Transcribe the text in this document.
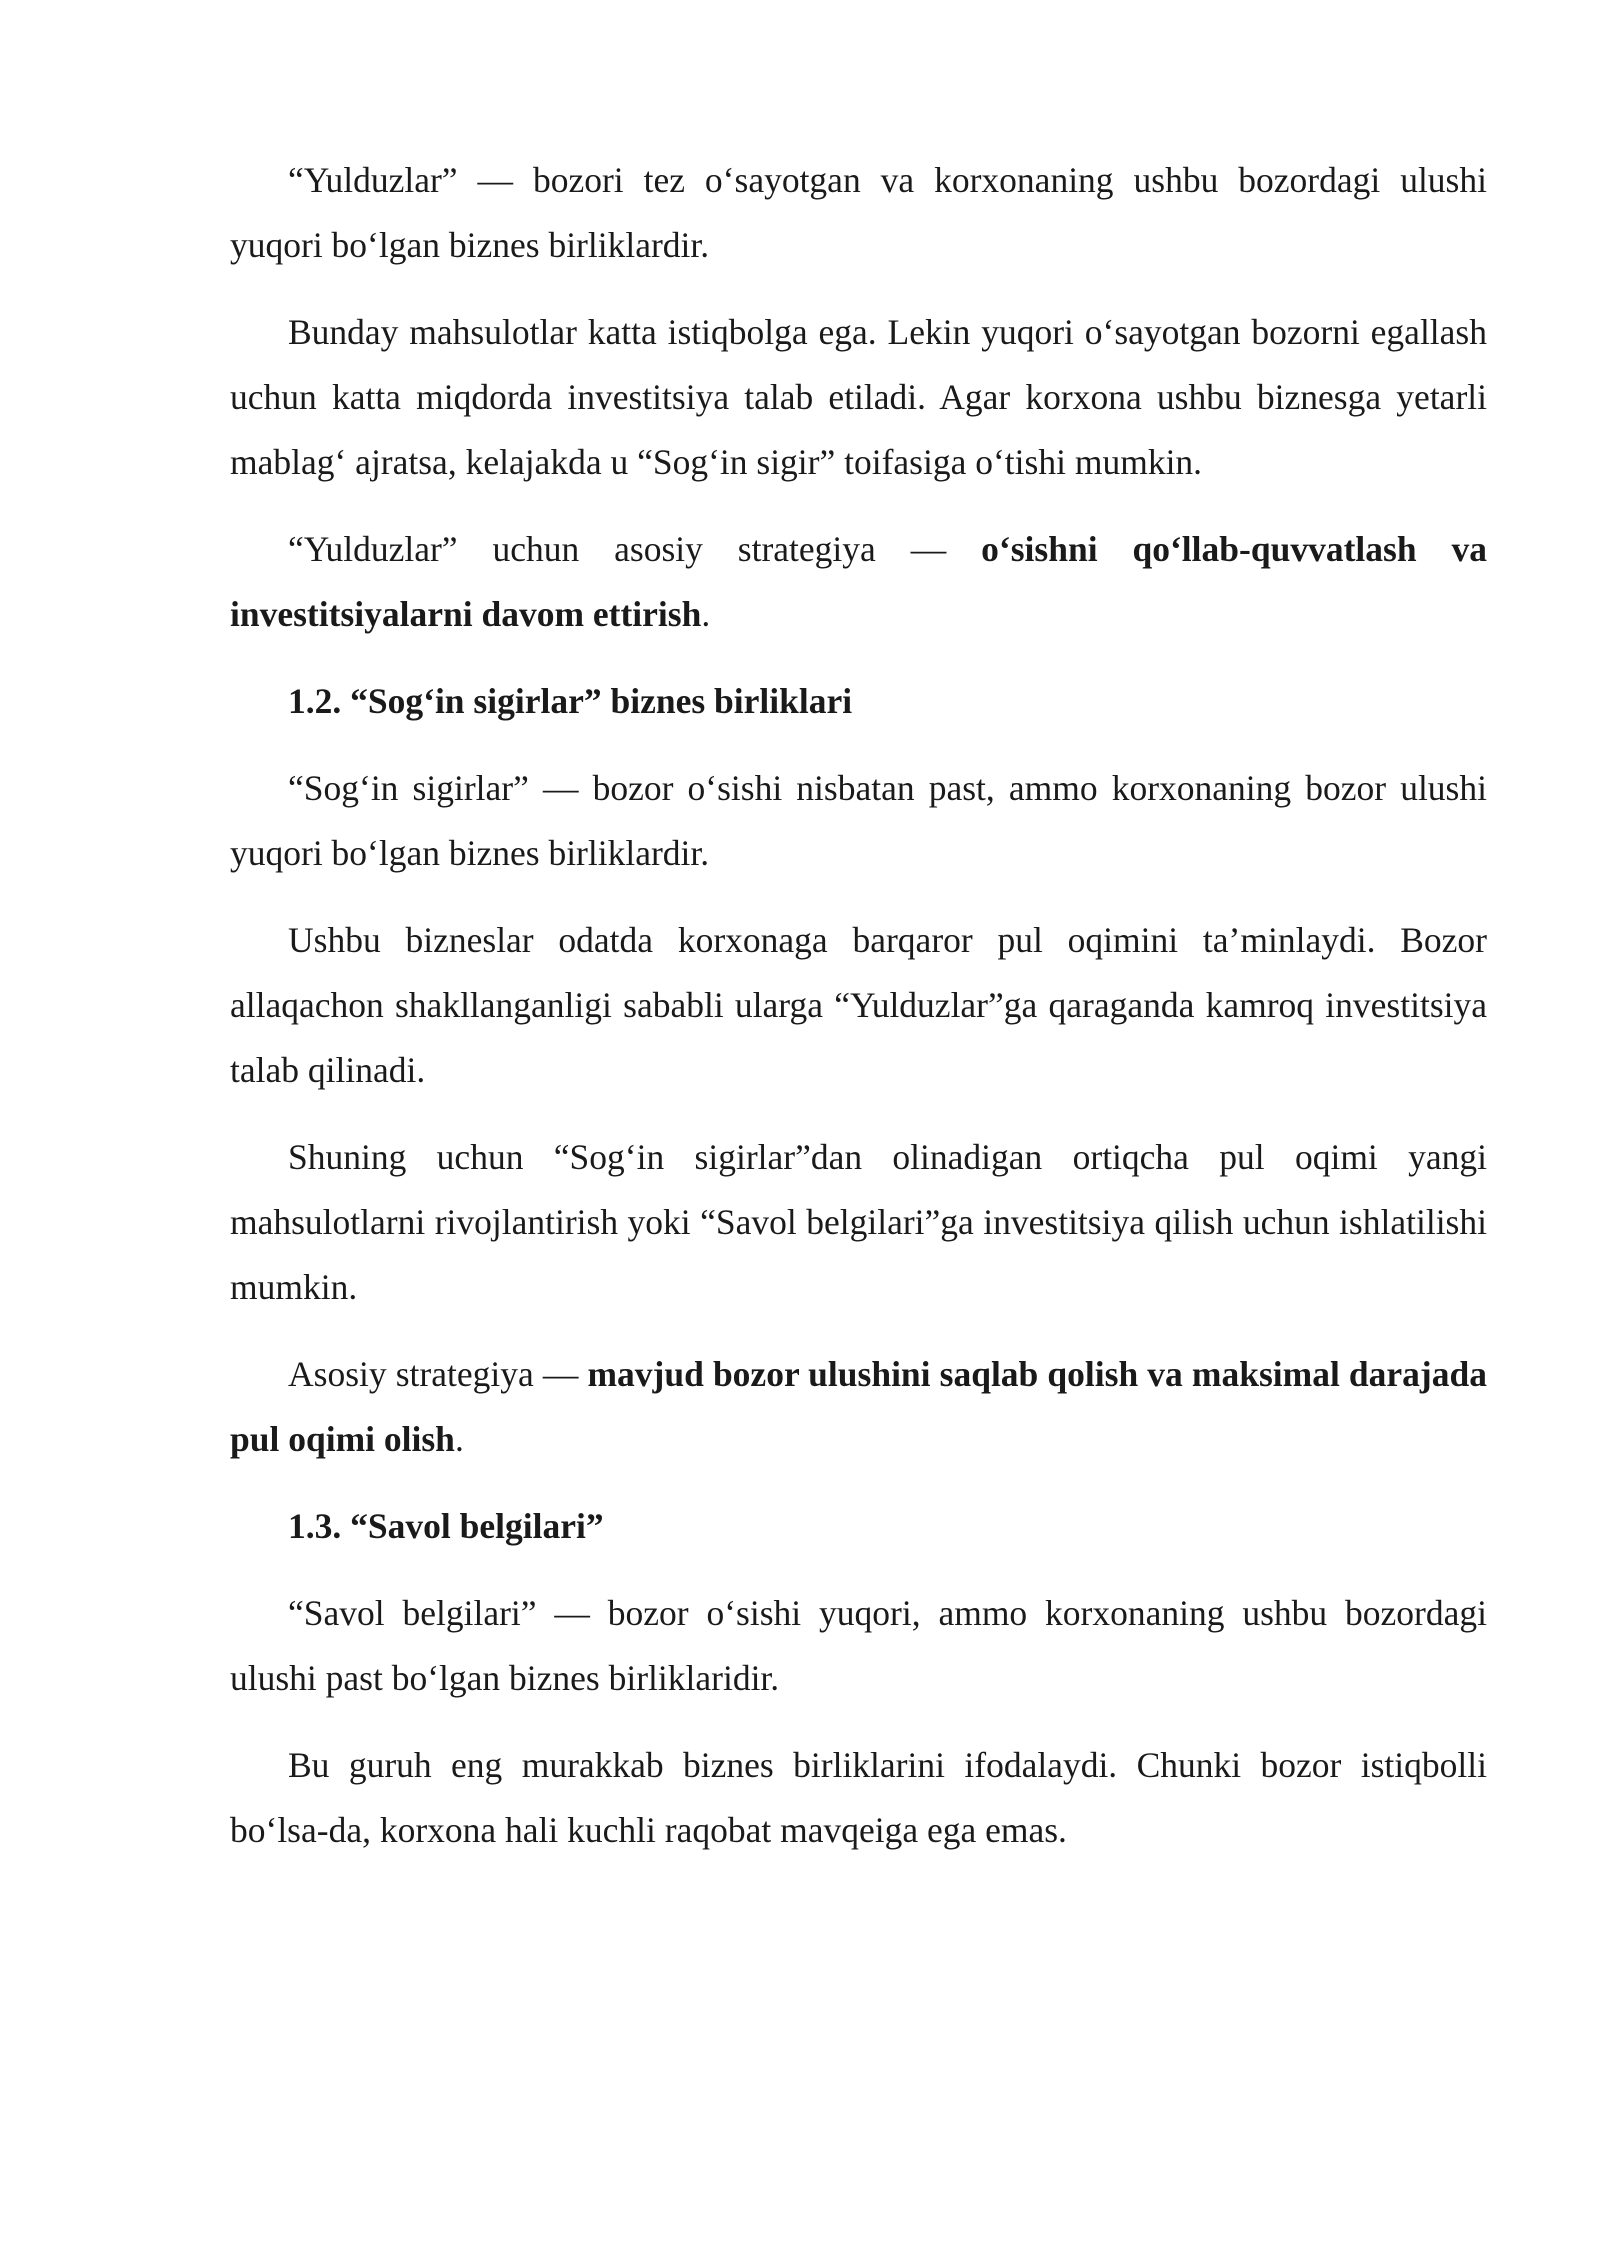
“Yulduzlar” — bozori tez o‘sayotgan va korxonaning ushbu bozordagi ulushi yuqori bo‘lgan biznes birliklardir.

Bunday mahsulotlar katta istiqbolga ega. Lekin yuqori o‘sayotgan bozorni egallash uchun katta miqdorda investitsiya talab etiladi. Agar korxona ushbu biznesga yetarli mablag‘ ajratsa, kelajakda u “Sog‘in sigir” toifasiga o‘tishi mumkin.

“Yulduzlar” uchun asosiy strategiya — o‘sishni qo‘llab-quvvatlash va investitsiyalarni davom ettirish.

1.2. “Sog‘in sigirlar” biznes birliklari

“Sog‘in sigirlar” — bozor o‘sishi nisbatan past, ammo korxonaning bozor ulushi yuqori bo‘lgan biznes birliklardir.

Ushbu bizneslar odatda korxonaga barqaror pul oqimini ta’minlaydi. Bozor allaqachon shakllanganligi sababli ularga “Yulduzlar”ga qaraganda kamroq investitsiya talab qilinadi.

Shuning uchun “Sog‘in sigirlar”dan olinadigan ortiqcha pul oqimi yangi mahsulotlarni rivojlantirish yoki “Savol belgilari”ga investitsiya qilish uchun ishlatilishi mumkin.

Asosiy strategiya — mavjud bozor ulushini saqlab qolish va maksimal darajada pul oqimi olish.

1.3. “Savol belgilari”

“Savol belgilari” — bozor o‘sishi yuqori, ammo korxonaning ushbu bozordagi ulushi past bo‘lgan biznes birliklaridir.

Bu guruh eng murakkab biznes birliklarini ifodalaydi. Chunki bozor istiqbolli bo‘lsa-da, korxona hali kuchli raqobat mavqeiga ega emas.
